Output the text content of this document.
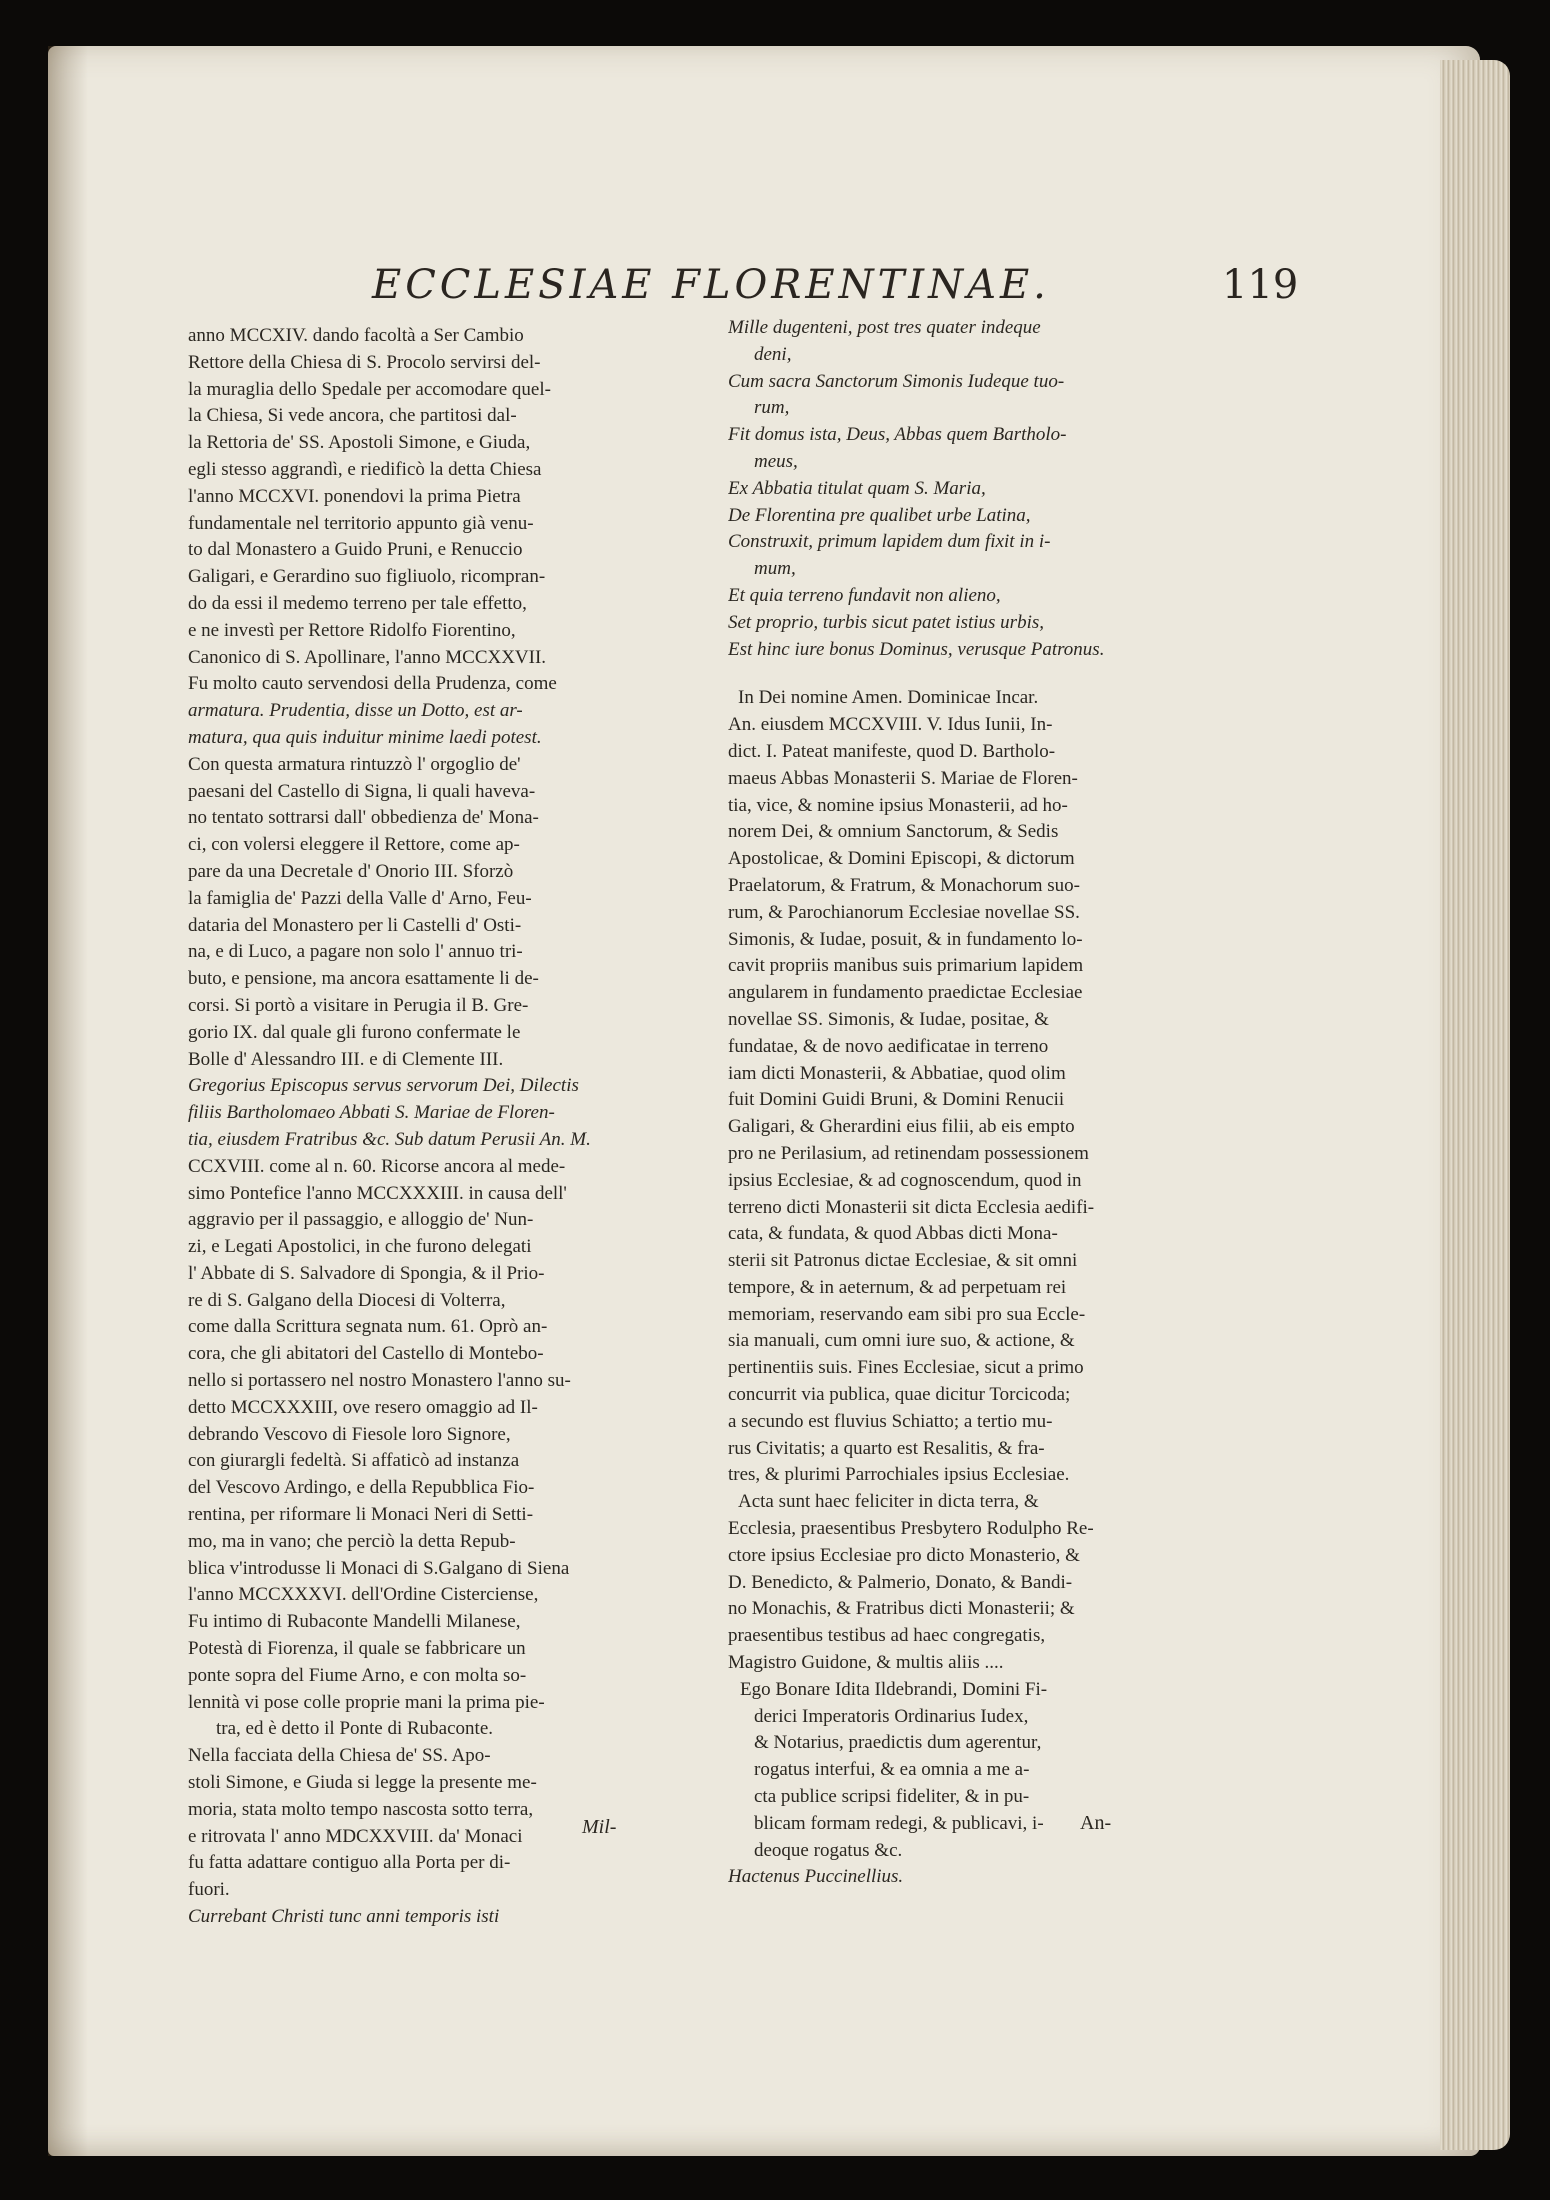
ECCLESIAE FLORENTINAE.	119
anno MCCXIV. dando facoltà a Ser Cambio
Rettore della Chiesa di S. Procolo servirsi del-
la muraglia dello Spedale per accomodare quel-
la Chiesa, Si vede ancora, che partitosi dal-
la Rettoria de' SS. Apostoli Simone, e Giuda,
egli stesso aggrandì, e riedificò la detta Chiesa
l'anno MCCXVI. ponendovi la prima Pietra
fundamentale nel territorio appunto già venu-
to dal Monastero a Guido Pruni, e Renuccio
Galigari, e Gerardino suo figliuolo, ricompran-
do da essi il medemo terreno per tale effetto,
e ne investì per Rettore Ridolfo Fiorentino,
Canonico di S. Apollinare, l'anno MCCXXVII.
Fu molto cauto servendosi della Prudenza, come
armatura. Prudentia, disse un Dotto, est ar-
matura, qua quis induitur minime laedi potest.
Con questa armatura rintuzzò l' orgoglio de'
paesani del Castello di Signa, li quali haveva-
no tentato sottrarsi dall' obbedienza de' Mona-
ci, con volersi eleggere il Rettore, come ap-
pare da una Decretale d' Onorio III. Sforzò
la famiglia de' Pazzi della Valle d' Arno, Feu-
dataria del Monastero per li Castelli d' Osti-
na, e di Luco, a pagare non solo l' annuo tri-
buto, e pensione, ma ancora esattamente li de-
corsi. Si portò a visitare in Perugia il B. Gre-
gorio IX. dal quale gli furono confermate le
Bolle d' Alessandro III. e di Clemente III.
Gregorius Episcopus servus servorum Dei, Dilectis
filiis Bartholomaeo Abbati S. Mariae de Floren-
tia, eiusdem Fratribus &c. Sub datum Perusii An. M.
CCXVIII. come al n. 60. Ricorse ancora al mede-
simo Pontefice l'anno MCCXXXIII. in causa dell'
aggravio per il passaggio, e alloggio de' Nun-
zi, e Legati Apostolici, in che furono delegati
l' Abbate di S. Salvadore di Spongia, & il Prio-
re di S. Galgano della Diocesi di Volterra,
come dalla Scrittura segnata num. 61. Oprò an-
cora, che gli abitatori del Castello di Montebo-
nello si portassero nel nostro Monastero l'anno su-
detto MCCXXXIII, ove resero omaggio ad Il-
debrando Vescovo di Fiesole loro Signore,
con giurargli fedeltà. Si affaticò ad instanza
del Vescovo Ardingo, e della Repubblica Fio-
rentina, per riformare li Monaci Neri di Setti-
mo, ma in vano; che perciò la detta Repub-
blica v'introdusse li Monaci di S.Galgano di Siena
l'anno MCCXXXVI. dell'Ordine Cisterciense,
Fu intimo di Rubaconte Mandelli Milanese,
Potestà di Fiorenza, il quale se fabbricare un
ponte sopra del Fiume Arno, e con molta so-
lennità vi pose colle proprie mani la prima pie-
tra, ed è detto il Ponte di Rubaconte.
Nella facciata della Chiesa de' SS. Apo-
stoli Simone, e Giuda si legge la presente me-
moria, stata molto tempo nascosta sotto terra,
e ritrovata l' anno MDCXXVIII. da' Monaci
fu fatta adattare contiguo alla Porta per di-
fuori.
Currebant Christi tunc anni temporis isti
Mil-
Mille dugenteni, post tres quater indeque
deni,
Cum sacra Sanctorum Simonis Iudeque tuo-
rum,
Fit domus ista, Deus, Abbas quem Bartholo-
meus,
Ex Abbatia titulat quam S. Maria,
De Florentina pre qualibet urbe Latina,
Construxit, primum lapidem dum fixit in i-
mum,
Et quia terreno fundavit non alieno,
Set proprio, turbis sicut patet istius urbis,
Est hinc iure bonus Dominus, verusque Patronus.
In Dei nomine Amen. Dominicae Incar.
An. eiusdem MCCXVIII. V. Idus Iunii, In-
dict. I. Pateat manifeste, quod D. Bartholo-
maeus Abbas Monasterii S. Mariae de Floren-
tia, vice, & nomine ipsius Monasterii, ad ho-
norem Dei, & omnium Sanctorum, & Sedis
Apostolicae, & Domini Episcopi, & dictorum
Praelatorum, & Fratrum, & Monachorum suo-
rum, & Parochianorum Ecclesiae novellae SS.
Simonis, & Iudae, posuit, & in fundamento lo-
cavit propriis manibus suis primarium lapidem
angularem in fundamento praedictae Ecclesiae
novellae SS. Simonis, & Iudae, positae, &
fundatae, & de novo aedificatae in terreno
iam dicti Monasterii, & Abbatiae, quod olim
fuit Domini Guidi Bruni, & Domini Renucii
Galigari, & Gherardini eius filii, ab eis empto
pro ne Perilasium, ad retinendam possessionem
ipsius Ecclesiae, & ad cognoscendum, quod in
terreno dicti Monasterii sit dicta Ecclesia aedifi-
cata, & fundata, & quod Abbas dicti Mona-
sterii sit Patronus dictae Ecclesiae, & sit omni
tempore, & in aeternum, & ad perpetuam rei
memoriam, reservando eam sibi pro sua Eccle-
sia manuali, cum omni iure suo, & actione, &
pertinentiis suis. Fines Ecclesiae, sicut a primo
concurrit via publica, quae dicitur Torcicoda;
a secundo est fluvius Schiatto; a tertio mu-
rus Civitatis; a quarto est Resalitis, & fra-
tres, & plurimi Parrochiales ipsius Ecclesiae.
Acta sunt haec feliciter in dicta terra, &
Ecclesia, praesentibus Presbytero Rodulpho Re-
ctore ipsius Ecclesiae pro dicto Monasterio, &
D. Benedicto, & Palmerio, Donato, & Bandi-
no Monachis, & Fratribus dicti Monasterii; &
praesentibus testibus ad haec congregatis,
Magistro Guidone, & multis aliis ....
Ego Bonare Idita Ildebrandi, Domini Fi-
derici Imperatoris Ordinarius Iudex,
& Notarius, praedictis dum agerentur,
rogatus interfui, & ea omnia a me a-
cta publice scripsi fideliter, & in pu-
blicam formam redegi, & publicavi, i-
deoque rogatus &c.
Hactenus Puccinellius.
An-
